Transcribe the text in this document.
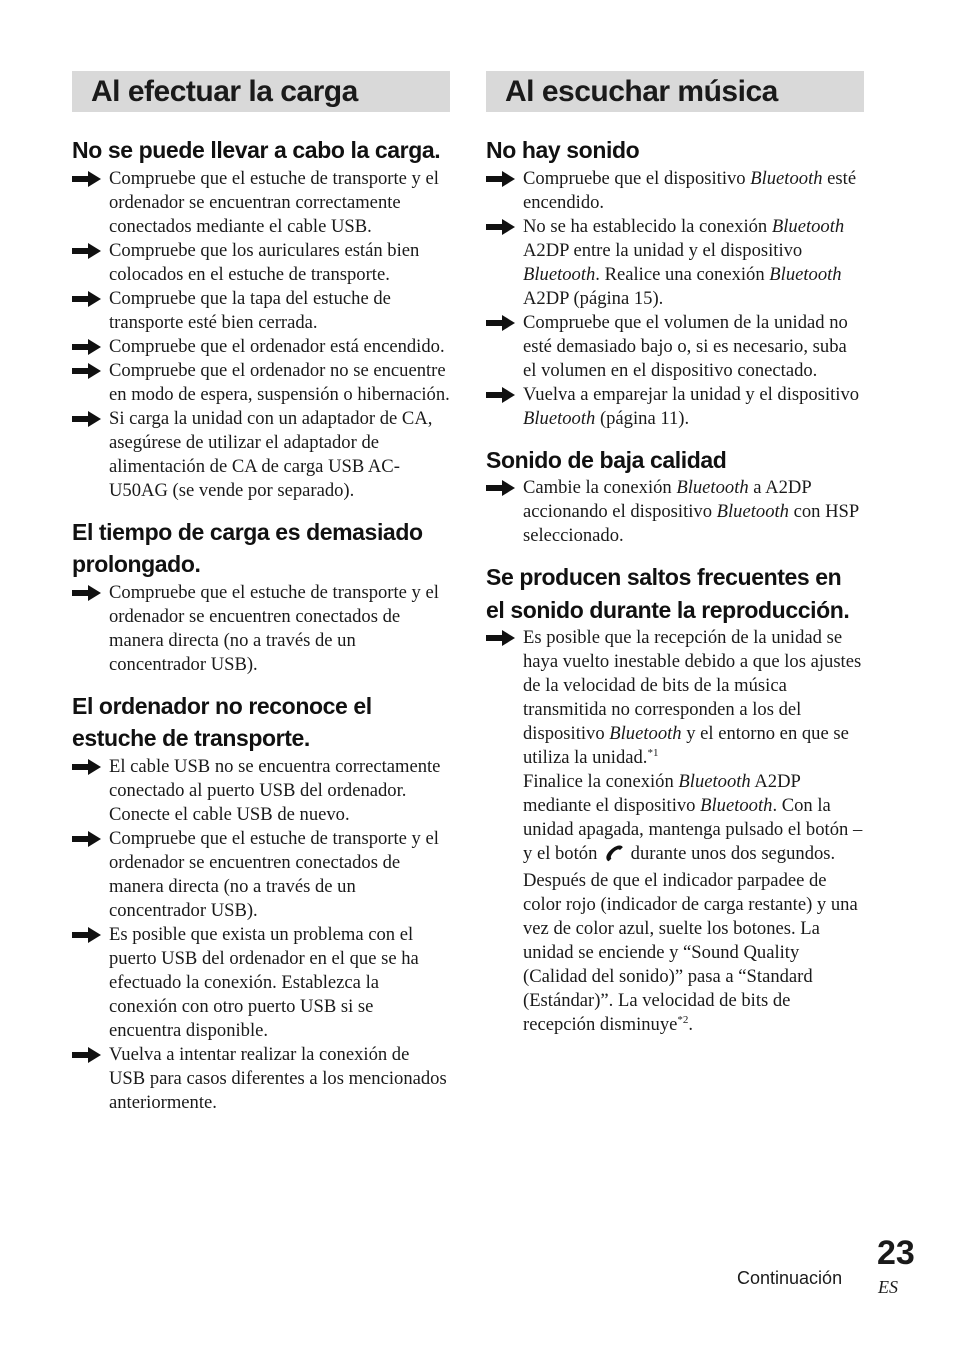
Al efectuar la carga
No se puede llevar a cabo la carga.
Compruebe que el estuche de transporte y el ordenador se encuentran correctamente conectados mediante el cable USB.
Compruebe que los auriculares están bien colocados en el estuche de transporte.
Compruebe que la tapa del estuche de transporte esté bien cerrada.
Compruebe que el ordenador está encendido.
Compruebe que el ordenador no se encuentre en modo de espera, suspensión o hibernación.
Si carga la unidad con un adaptador de CA, asegúrese de utilizar el adaptador de alimentación de CA de carga USB AC-U50AG (se vende por separado).
El tiempo de carga es demasiado prolongado.
Compruebe que el estuche de transporte y el ordenador se encuentren conectados de manera directa (no a través de un concentrador USB).
El ordenador no reconoce el estuche de transporte.
El cable USB no se encuentra correctamente conectado al puerto USB del ordenador. Conecte el cable USB de nuevo.
Compruebe que el estuche de transporte y el ordenador se encuentren conectados de manera directa (no a través de un concentrador USB).
Es posible que exista un problema con el puerto USB del ordenador en el que se ha efectuado la conexión. Establezca la conexión con otro puerto USB si se encuentra disponible.
Vuelva a intentar realizar la conexión de USB para casos diferentes a los mencionados anteriormente.
Al escuchar música
No hay sonido
Compruebe que el dispositivo Bluetooth esté encendido.
No se ha establecido la conexión Bluetooth A2DP entre la unidad y el dispositivo Bluetooth. Realice una conexión Bluetooth A2DP (página 15).
Compruebe que el volumen de la unidad no esté demasiado bajo o, si es necesario, suba el volumen en el dispositivo conectado.
Vuelva a emparejar la unidad y el dispositivo Bluetooth (página 11).
Sonido de baja calidad
Cambie la conexión Bluetooth a A2DP accionando el dispositivo Bluetooth con HSP seleccionado.
Se producen saltos frecuentes en el sonido durante la reproducción.

Es posible que la recepción de la unidad se haya vuelto inestable debido a que los ajustes de la velocidad de bits de la música transmitida no corresponden a los del dispositivo Bluetooth y el entorno en que se utiliza la unidad.$^{*1}$

Finalice la conexión Bluetooth A2DP mediante el dispositivo Bluetooth. Con la unidad apagada, mantenga pulsado el botón – y el botón  durante unos dos segundos. Después de que el indicador parpadee de color rojo (indicador de carga restante) y una vez de color azul, suelte los botones. La unidad se enciende y “Sound Quality (Calidad del sonido)” pasa a “Standard (Estándar)”. La velocidad de bits de recepción disminuye$^{*2}$.

Continuación
23
ES
